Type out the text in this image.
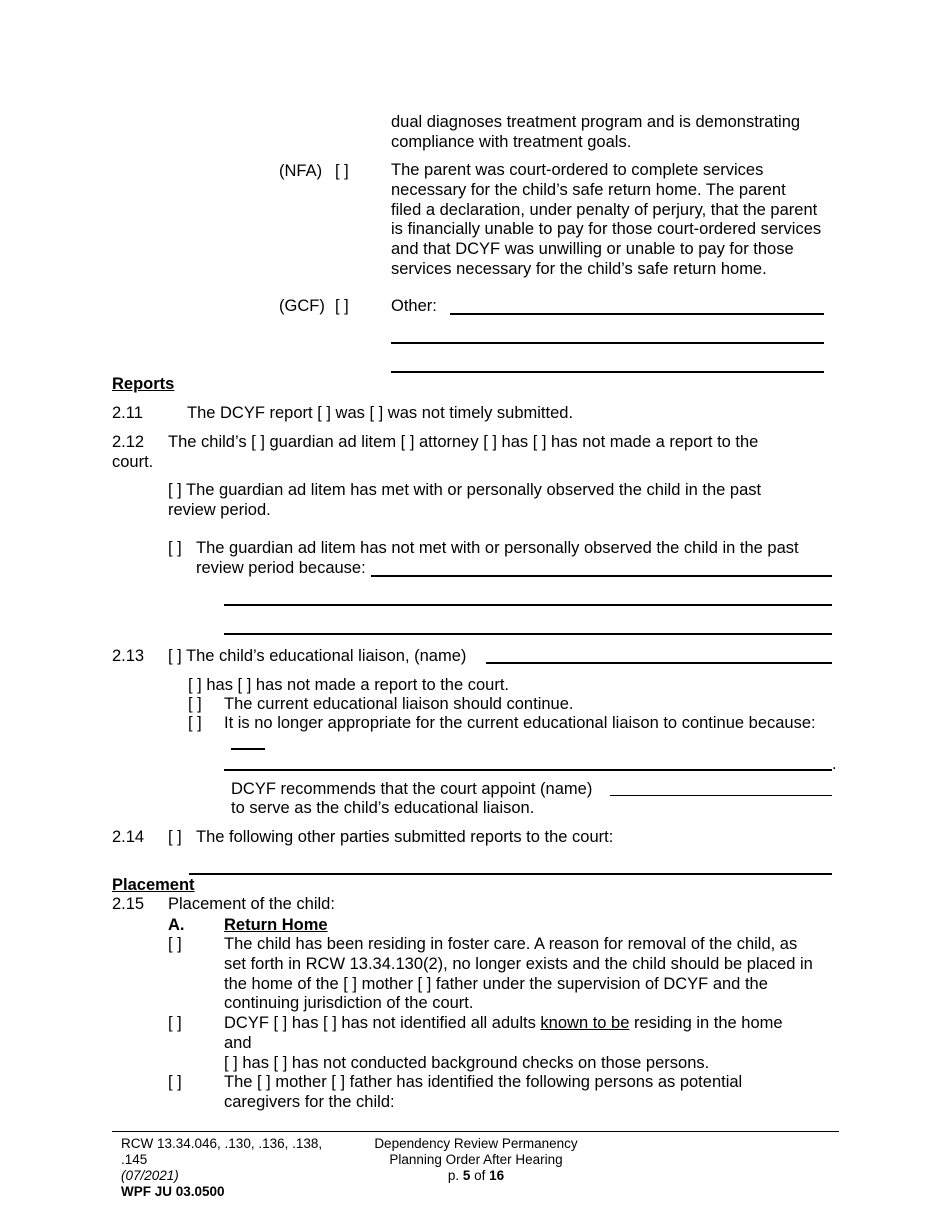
dual diagnoses treatment program and is demonstrating

compliance with treatment goals.

(NFA) [ ]	The parent was court-ordered to complete services

necessary for the child’s safe return home. The parent

filed a declaration, under penalty of perjury, that the parent

is financially unable to pay for those court-ordered services

and that DCYF was unwilling or unable to pay for those

services necessary for the child’s safe return home.

(GCF) [ ]	Other:
Reports
2.11	The DCYF report [ ] was [ ] was not timely submitted.
2.12 The child’s [ ] guardian ad litem [ ] attorney [ ] has [ ] has not made a report to the
court.

[ ] The guardian ad litem has met with or personally observed the child in the past

review period.

[ ] The guardian ad litem has not met with or personally observed the child in the past
review period because:
2.13 [ ] The child’s educational liaison, (name)
[ ] has [ ] has not made a report to the court.
[ ] The current educational liaison should continue.
[ ] It is no longer appropriate for the current educational liaison to continue because:
.
DCYF recommends that the court appoint (name)
to serve as the child’s educational liaison.
2.14 [ ] The following other parties submitted reports to the court:
Placement
2.15 Placement of the child:
A. Return Home
[ ]	The child has been residing in foster care. A reason for removal of the child, as

set forth in RCW 13.34.130(2), no longer exists and the child should be placed in

the home of the [ ] mother [ ] father under the supervision of DCYF and the

continuing jurisdiction of the court.

[ ]	DCYF [ ] has [ ] has not identified all adults known to be residing in the home

and

[ ] has [ ] has not conducted background checks on those persons.

[ ]	The [ ] mother [ ] father has identified the following persons as potential

caregivers for the child:

RCW 13.34.046, .130, .136, .138,

.145

(07/2021)

WPF JU 03.0500

Dependency Review Permanency

Planning Order After Hearing

p. 5 of 16
